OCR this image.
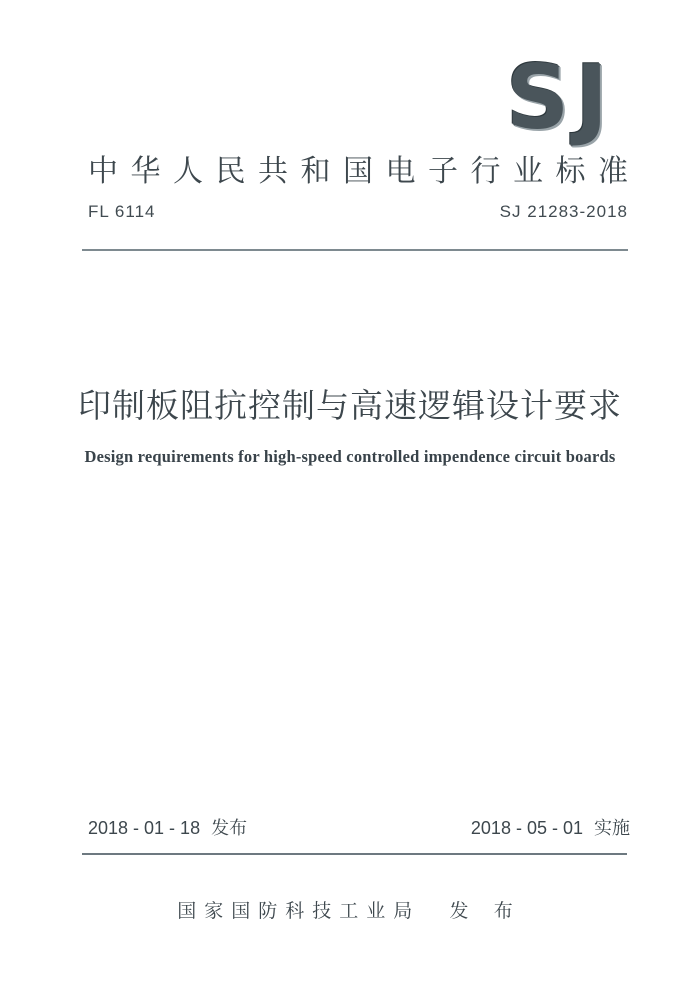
SJ
中华人民共和国电子行业标准
FL 6114	SJ 21283-2018
印制板阻抗控制与高速逻辑设计要求
Design requirements for high-speed controlled impendence circuit boards
2018 - 01 - 18 发布	2018 - 05 - 01 实施
国家国防科技工业局 发 布
